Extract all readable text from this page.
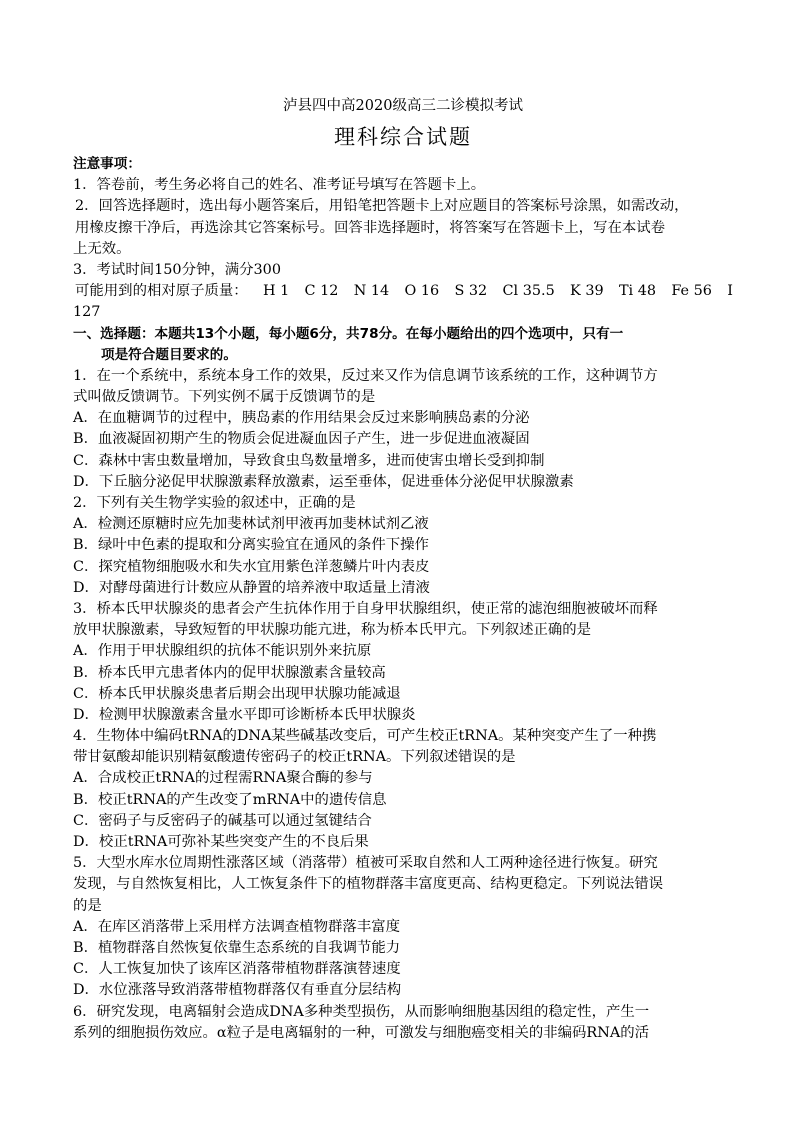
泸县四中高2020级高三二诊模拟考试
理科综合试题
注意事项：
1．答卷前，考生务必将自己的姓名、准考证号填写在答题卡上。
2．回答选择题时，选出每小题答案后，用铅笔把答题卡上对应题目的答案标号涂黑，如需改动，
用橡皮擦干净后，再选涂其它答案标号。回答非选择题时，将答案写在答题卡上，写在本试卷
上无效。
3．考试时间150分钟，满分300
可能用到的相对原子质量： H 1 C 12 N 14 O 16 S 32 Cl 35.5 K 39 Ti 48 Fe 56 I
127
一、选择题：本题共13个小题，每小题6分，共78分。在每小题给出的四个选项中，只有一
项是符合题目要求的。
1．在一个系统中，系统本身工作的效果，反过来又作为信息调节该系统的工作，这种调节方
式叫做反馈调节。下列实例不属于反馈调节的是
A．在血糖调节的过程中，胰岛素的作用结果会反过来影响胰岛素的分泌
B．血液凝固初期产生的物质会促进凝血因子产生，进一步促进血液凝固
C．森林中害虫数量增加，导致食虫鸟数量增多，进而使害虫增长受到抑制
D．下丘脑分泌促甲状腺激素释放激素，运至垂体，促进垂体分泌促甲状腺激素
2．下列有关生物学实验的叙述中，正确的是
A．检测还原糖时应先加斐林试剂甲液再加斐林试剂乙液
B．绿叶中色素的提取和分离实验宜在通风的条件下操作
C．探究植物细胞吸水和失水宜用紫色洋葱鳞片叶内表皮
D．对酵母菌进行计数应从静置的培养液中取适量上清液
3．桥本氏甲状腺炎的患者会产生抗体作用于自身甲状腺组织，使正常的滤泡细胞被破坏而释
放甲状腺激素，导致短暂的甲状腺功能亢进，称为桥本氏甲亢。下列叙述正确的是
A．作用于甲状腺组织的抗体不能识别外来抗原
B．桥本氏甲亢患者体内的促甲状腺激素含量较高
C．桥本氏甲状腺炎患者后期会出现甲状腺功能减退
D．检测甲状腺激素含量水平即可诊断桥本氏甲状腺炎
4．生物体中编码tRNA的DNA某些碱基改变后，可产生校正tRNA。某种突变产生了一种携
带甘氨酸却能识别精氨酸遗传密码子的校正tRNA。下列叙述错误的是
A．合成校正tRNA的过程需RNA聚合酶的参与
B．校正tRNA的产生改变了mRNA中的遗传信息
C．密码子与反密码子的碱基可以通过氢键结合
D．校正tRNA可弥补某些突变产生的不良后果
5．大型水库水位周期性涨落区域（消落带）植被可采取自然和人工两种途径进行恢复。研究
发现，与自然恢复相比，人工恢复条件下的植物群落丰富度更高、结构更稳定。下列说法错误
的是
A．在库区消落带上采用样方法调查植物群落丰富度
B．植物群落自然恢复依靠生态系统的自我调节能力
C．人工恢复加快了该库区消落带植物群落演替速度
D．水位涨落导致消落带植物群落仅有垂直分层结构
6．研究发现，电离辐射会造成DNA多种类型损伤，从而影响细胞基因组的稳定性，产生一
系列的细胞损伤效应。α粒子是电离辐射的一种，可激发与细胞癌变相关的非编码RNA的活
